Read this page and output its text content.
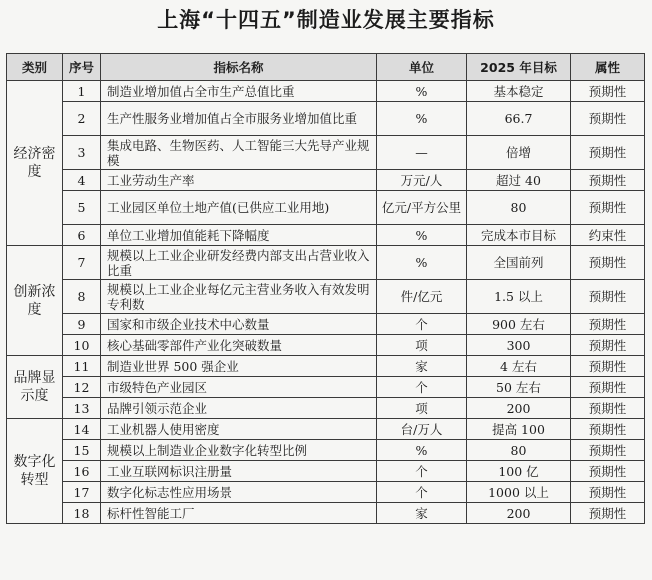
上海“十四五”制造业发展主要指标
类别	序号	指标名称	单位	2025 年目标	属性
经济密度	1	制造业增加值占全市生产总值比重	%	基本稳定	预期性
	2	生产性服务业增加值占全市服务业增加值比重	%	66.7	预期性
	3	集成电路、生物医药、人工智能三大先导产业规模	—	倍增	预期性
	4	工业劳动生产率	万元/人	超过 40	预期性
	5	工业园区单位土地产值(已供应工业用地)	亿元/平方公里	80	预期性
	6	单位工业增加值能耗下降幅度	%	完成本市目标	约束性
创新浓度	7	规模以上工业企业研发经费内部支出占营业收入比重	%	全国前列	预期性
	8	规模以上工业企业每亿元主营业务收入有效发明专利数	件/亿元	1.5 以上	预期性
	9	国家和市级企业技术中心数量	个	900 左右	预期性
	10	核心基础零部件产业化突破数量	项	300	预期性
品牌显示度	11	制造业世界 500 强企业	家	4 左右	预期性
	12	市级特色产业园区	个	50 左右	预期性
	13	品牌引领示范企业	项	200	预期性
数字化转型	14	工业机器人使用密度	台/万人	提高 100	预期性
	15	规模以上制造业企业数字化转型比例	%	80	预期性
	16	工业互联网标识注册量	个	100 亿	预期性
	17	数字化标志性应用场景	个	1000 以上	预期性
	18	标杆性智能工厂	家	200	预期性
